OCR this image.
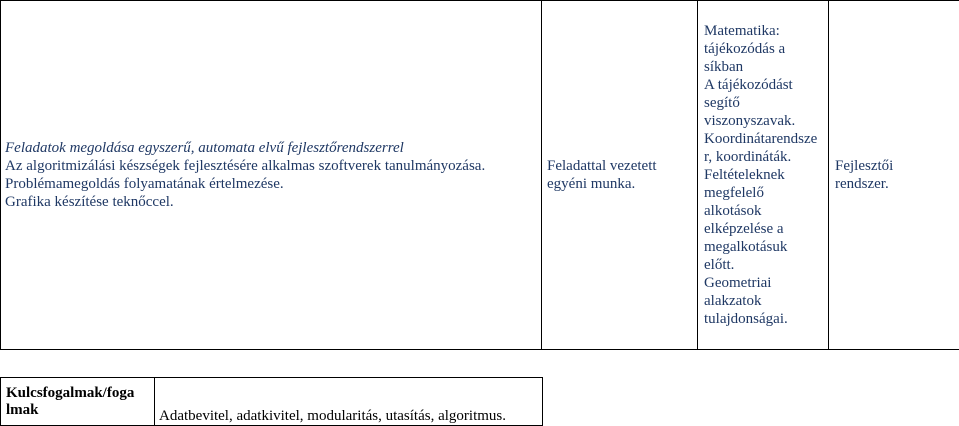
Feladatok megoldása egyszerű, automata elvű fejlesztőrendszerrel
Az algoritmizálási készségek fejlesztésére alkalmas szoftverek tanulmányozása.
Problémamegoldás folyamatának értelmezése.
Grafika készítése teknőccel.

Feladattal vezetett
egyéni munka.

Matematika:
tájékozódás a
síkban
A tájékozódást
segítő
viszonyszavak.
Koordinátarendsze
r, koordináták.
Feltételeknek
megfelelő
alkotások
elképzelése a
megalkotásuk
előtt.
Geometriai
alakzatok
tulajdonságai.

Fejlesztői
rendszer.
Kulcsfogalmak/foga
lmak	Adatbevitel, adatkivitel, modularitás, utasítás, algoritmus.
